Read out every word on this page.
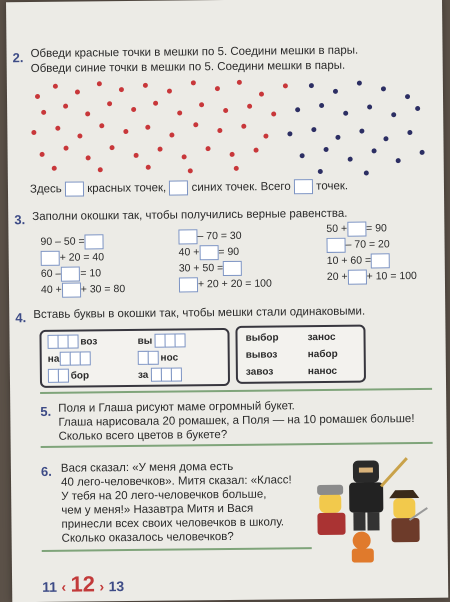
2. Обведи красные точки в мешки по 5. Соедини мешки в пары.
Обведи синие точки в мешки по 5. Соедини мешки в пары.
Здесь красных точек, синих точек. Всего точек.
3. Заполни окошки так, чтобы получились верные равенства.
90 – 50 =
+ 20 = 40
60 – = 10
40 + + 30 = 80
– 70 = 30
40 + = 90
30 + 50 =
+ 20 + 20 = 100
50 + = 90
– 70 = 20
10 + 60 =
20 + + 10 = 100
4. Вставь буквы в окошки так, чтобы мешки стали одинаковыми.
воз
на
бор
вы
нос
за
выбор
вывоз
завоз
занос
набор
нанос
5. Поля и Глаша рисуют маме огромный букет.
Глаша нарисовала 20 ромашек, а Поля — на 10 ромашек больше!
Сколько всего цветов в букете?
6. Вася сказал: «У меня дома есть
40 лего-человечков». Митя сказал: «Класс!
У тебя на 20 лего-человечков больше,
чем у меня!» Назавтра Митя и Вася
принесли всех своих человечков в школу.
Сколько оказалось человечков?
11 ‹ 12 › 13
